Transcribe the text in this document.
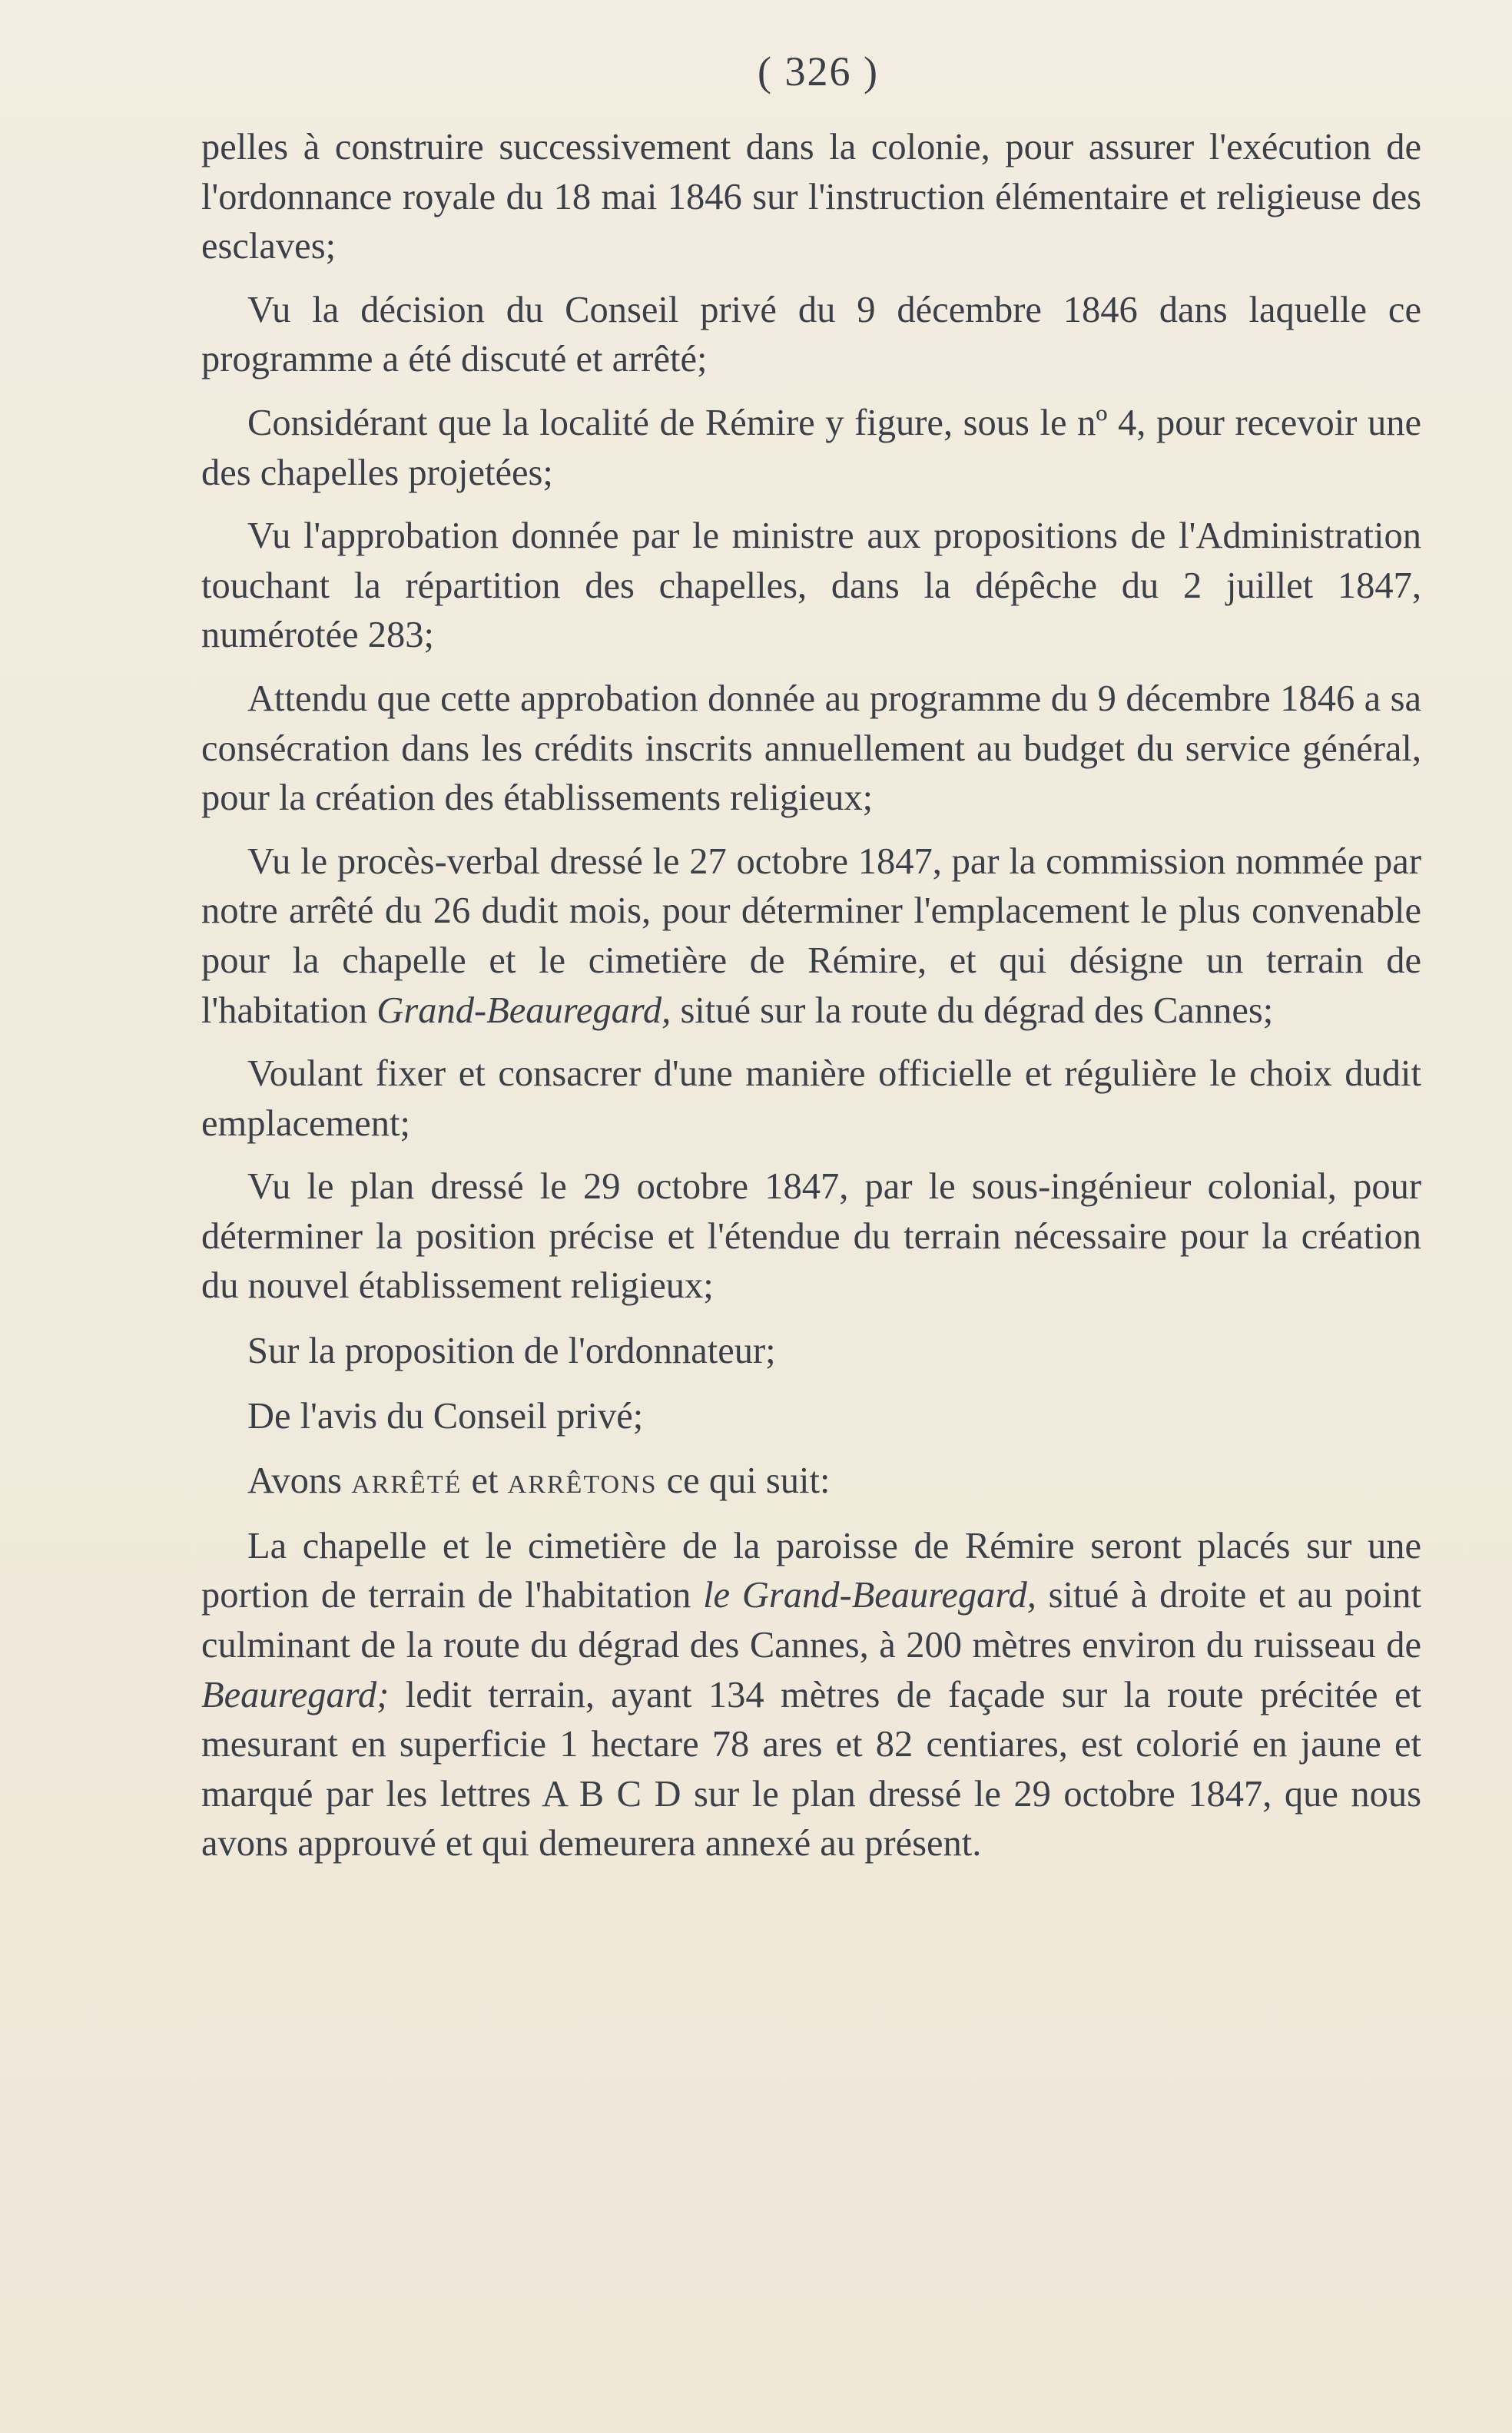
( 326 )

pelles à construire successivement dans la colonie, pour assurer l'exécution de l'ordonnance royale du 18 mai 1846 sur l'instruction élémentaire et religieuse des esclaves;

Vu la décision du Conseil privé du 9 décembre 1846 dans laquelle ce programme a été discuté et arrêté;

Considérant que la localité de Rémire y figure, sous le nº 4, pour recevoir une des chapelles projetées;

Vu l'approbation donnée par le ministre aux propositions de l'Administration touchant la répartition des chapelles, dans la dépêche du 2 juillet 1847, numérotée 283;

Attendu que cette approbation donnée au programme du 9 décembre 1846 a sa consécration dans les crédits inscrits annuellement au budget du service général, pour la création des établissements religieux;

Vu le procès-verbal dressé le 27 octobre 1847, par la commission nommée par notre arrêté du 26 dudit mois, pour déterminer l'emplacement le plus convenable pour la chapelle et le cimetière de Rémire, et qui désigne un terrain de l'habitation Grand-Beauregard, situé sur la route du dégrad des Cannes;

Voulant fixer et consacrer d'une manière officielle et régulière le choix dudit emplacement;

Vu le plan dressé le 29 octobre 1847, par le sous-ingénieur colonial, pour déterminer la position précise et l'étendue du terrain nécessaire pour la création du nouvel établissement religieux;

Sur la proposition de l'ordonnateur;

De l'avis du Conseil privé;

Avons arrêté et arrêtons ce qui suit:

La chapelle et le cimetière de la paroisse de Rémire seront placés sur une portion de terrain de l'habitation le Grand-Beauregard, situé à droite et au point culminant de la route du dégrad des Cannes, à 200 mètres environ du ruisseau de Beauregard; ledit terrain, ayant 134 mètres de façade sur la route précitée et mesurant en superficie 1 hectare 78 ares et 82 centiares, est colorié en jaune et marqué par les lettres A B C D sur le plan dressé le 29 octobre 1847, que nous avons approuvé et qui demeurera annexé au présent.
